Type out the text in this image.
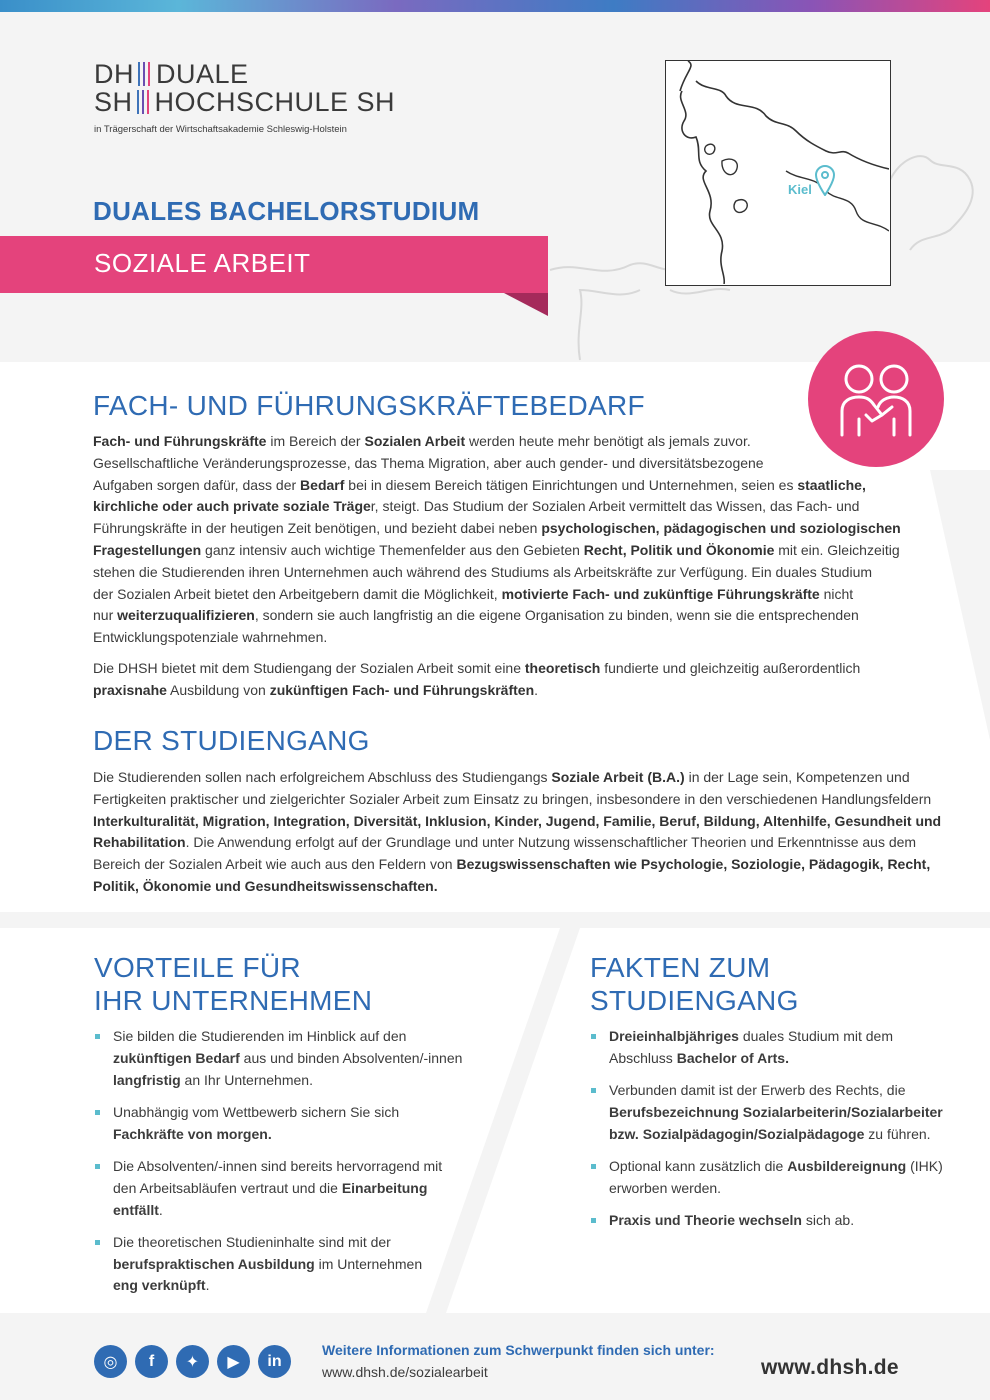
Kiel
DH DUALE
SH HOCHSCHULE SH
in Trägerschaft der Wirtschaftsakademie Schleswig-Holstein
DUALES BACHELORSTUDIUM
SOZIALE ARBEIT
FACH- UND FÜHRUNGSKRÄFTEBEDARF
Fach- und Führungskräfte im Bereich der Sozialen Arbeit werden heute mehr benötigt als jemals zuvor.
Gesellschaftliche Veränderungsprozesse, das Thema Migration, aber auch gender- und diversitätsbezogene
Aufgaben sorgen dafür, dass der Bedarf bei in diesem Bereich tätigen Einrichtungen und Unternehmen, seien es staatliche,
kirchliche oder auch private soziale Träger, steigt. Das Studium der Sozialen Arbeit vermittelt das Wissen, das Fach- und
Führungskräfte in der heutigen Zeit benötigen, und bezieht dabei neben psychologischen, pädagogischen und soziologischen
Fragestellungen ganz intensiv auch wichtige Themenfelder aus den Gebieten Recht, Politik und Ökonomie mit ein. Gleichzeitig
stehen die Studierenden ihren Unternehmen auch während des Studiums als Arbeitskräfte zur Verfügung. Ein duales Studium
der Sozialen Arbeit bietet den Arbeitgebern damit die Möglichkeit, motivierte Fach- und zukünftige Führungskräfte nicht
nur weiterzuqualifizieren, sondern sie auch langfristig an die eigene Organisation zu binden, wenn sie die entsprechenden
Entwicklungspotenziale wahrnehmen.
Die DHSH bietet mit dem Studiengang der Sozialen Arbeit somit eine theoretisch fundierte und gleichzeitig außerordentlich
praxisnahe Ausbildung von zukünftigen Fach- und Führungskräften.
DER STUDIENGANG
Die Studierenden sollen nach erfolgreichem Abschluss des Studiengangs Soziale Arbeit (B.A.) in der Lage sein, Kompetenzen und
Fertigkeiten praktischer und zielgerichter Sozialer Arbeit zum Einsatz zu bringen, insbesondere in den verschiedenen Handlungsfeldern
Interkulturalität, Migration, Integration, Diversität, Inklusion, Kinder, Jugend, Familie, Beruf, Bildung, Altenhilfe, Gesundheit und
Rehabilitation. Die Anwendung erfolgt auf der Grundlage und unter Nutzung wissenschaftlicher Theorien und Erkenntnisse aus dem
Bereich der Sozialen Arbeit wie auch aus den Feldern von Bezugswissenschaften wie Psychologie, Soziologie, Pädagogik, Recht,
Politik, Ökonomie und Gesundheitswissenschaften.
VORTEILE FÜR
IHR UNTERNEHMEN
Sie bilden die Studierenden im Hinblick auf den
zukünftigen Bedarf aus und binden Absolventen/-innen
langfristig an Ihr Unternehmen.
Unabhängig vom Wettbewerb sichern Sie sich
Fachkräfte von morgen.
Die Absolventen/-innen sind bereits hervorragend mit
den Arbeitsabläufen vertraut und die Einarbeitung
entfällt.
Die theoretischen Studieninhalte sind mit der
berufspraktischen Ausbildung im Unternehmen
eng verknüpft.
FAKTEN ZUM
STUDIENGANG
Dreieinhalbjähriges duales Studium mit dem
Abschluss Bachelor of Arts.
Verbunden damit ist der Erwerb des Rechts, die
Berufsbezeichnung Sozialarbeiterin/Sozialarbeiter
bzw. Sozialpädagogin/Sozialpädagoge zu führen.
Optional kann zusätzlich die Ausbildereignung (IHK)
erworben werden.
Praxis und Theorie wechseln sich ab.
◎	f	✦	▶	in
Weitere Informationen zum Schwerpunkt finden sich unter:
www.dhsh.de/sozialearbeit	www.dhsh.de
